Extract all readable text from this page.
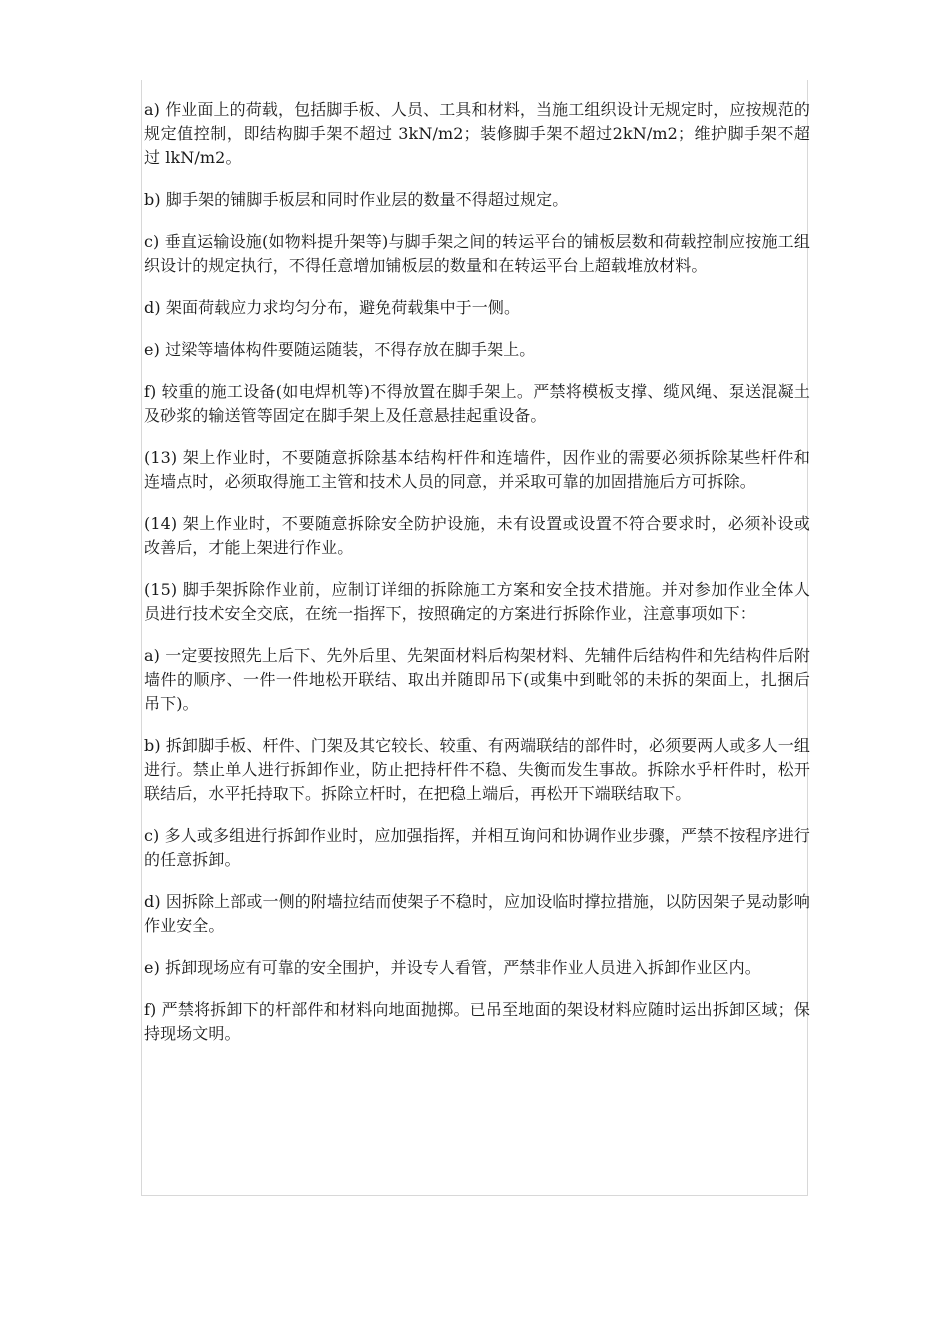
a) 作业面上的荷载，包括脚手板、人员、工具和材料，当施工组织设计无规定时，应按规范的规定值控制，即结构脚手架不超过 3kN/m2；装修脚手架不超过2kN/m2；维护脚手架不超过 lkN/m2。

b) 脚手架的铺脚手板层和同时作业层的数量不得超过规定。

c) 垂直运输设施(如物料提升架等)与脚手架之间的转运平台的铺板层数和荷载控制应按施工组织设计的规定执行，不得任意增加铺板层的数量和在转运平台上超载堆放材料。

d) 架面荷载应力求均匀分布，避免荷载集中于一侧。

e) 过梁等墙体构件要随运随装，不得存放在脚手架上。

f) 较重的施工设备(如电焊机等)不得放置在脚手架上。严禁将模板支撑、缆风绳、泵送混凝土及砂浆的输送管等固定在脚手架上及任意悬挂起重设备。

(13) 架上作业时，不要随意拆除基本结构杆件和连墙件，因作业的需要必须拆除某些杆件和连墙点时，必须取得施工主管和技术人员的同意，并采取可靠的加固措施后方可拆除。

(14) 架上作业时，不要随意拆除安全防护设施，未有设置或设置不符合要求时，必须补设或改善后，才能上架进行作业。

(15) 脚手架拆除作业前，应制订详细的拆除施工方案和安全技术措施。并对参加作业全体人员进行技术安全交底，在统一指挥下，按照确定的方案进行拆除作业，注意事项如下：

a) 一定要按照先上后下、先外后里、先架面材料后构架材料、先辅件后结构件和先结构件后附墙件的顺序、一件一件地松开联结、取出并随即吊下(或集中到毗邻的未拆的架面上，扎捆后吊下)。

b) 拆卸脚手板、杆件、门架及其它较长、较重、有两端联结的部件时，必须要两人或多人一组进行。禁止单人进行拆卸作业，防止把持杆件不稳、失衡而发生事故。拆除水乎杆件时，松开联结后，水平托持取下。拆除立杆时，在把稳上端后，再松开下端联结取下。

c) 多人或多组进行拆卸作业时，应加强指挥，并相互询问和协调作业步骤，严禁不按程序进行的任意拆卸。

d) 因拆除上部或一侧的附墙拉结而使架子不稳时，应加设临时撑拉措施，以防因架子晃动影响作业安全。

e) 拆卸现场应有可靠的安全围护，并设专人看管，严禁非作业人员进入拆卸作业区内。

f) 严禁将拆卸下的杆部件和材料向地面抛掷。已吊至地面的架设材料应随时运出拆卸区域；保持现场文明。
